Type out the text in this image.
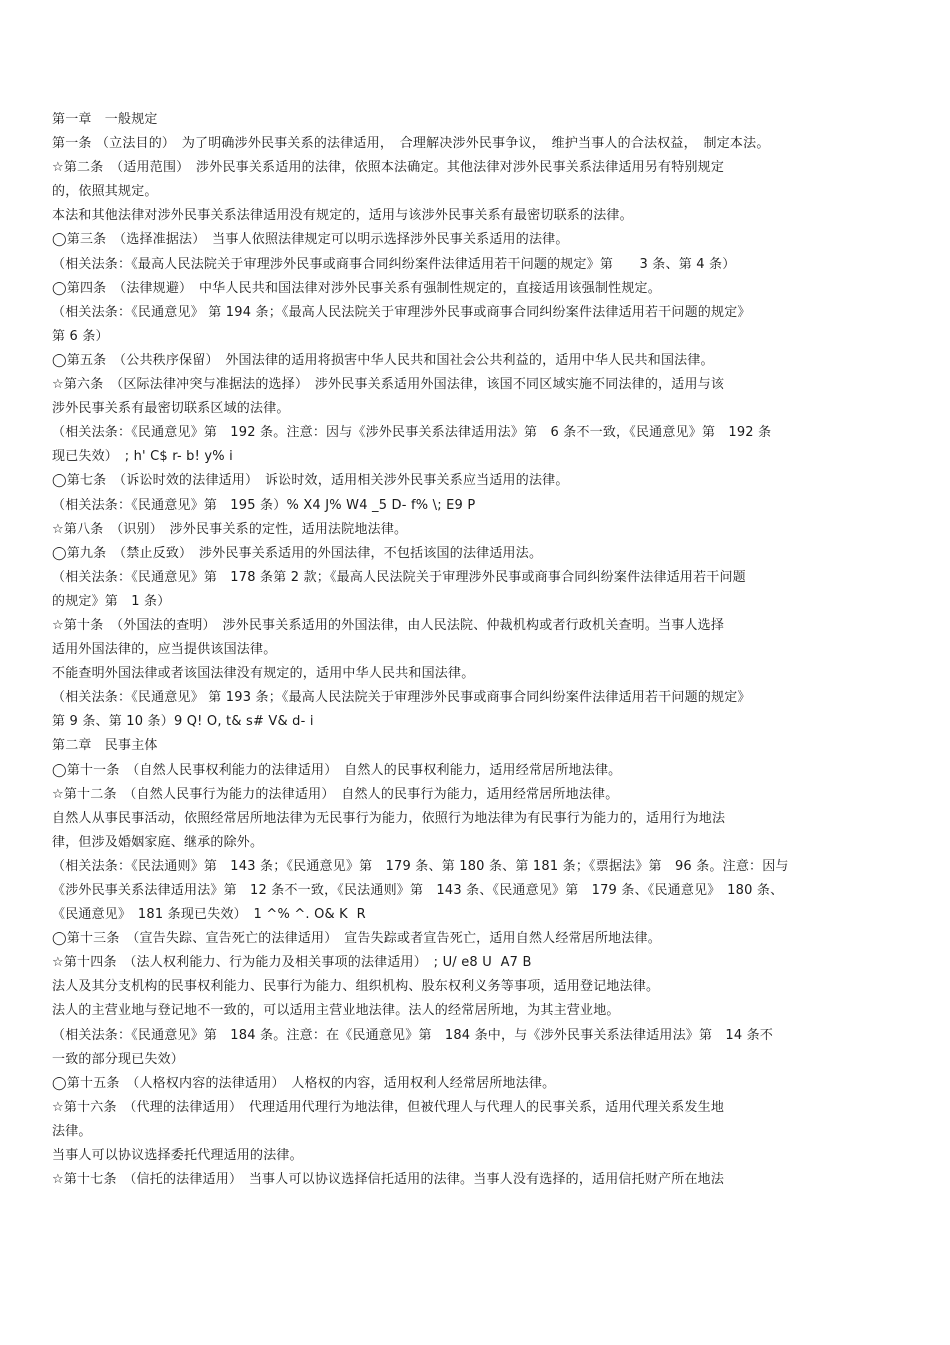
第一章　一般规定
第一条 （立法目的）　为了明确涉外民事关系的法律适用，　合理解决涉外民事争议，　维护当事人的合法权益，　制定本法。
☆第二条　（适用范围）　涉外民事关系适用的法律，依照本法确定。其他法律对涉外民事关系法律适用另有特别规定
的，依照其规定。
本法和其他法律对涉外民事关系法律适用没有规定的，适用与该涉外民事关系有最密切联系的法律。
◯第三条　（选择准据法）　当事人依照法律规定可以明示选择涉外民事关系适用的法律。
（相关法条：《最高人民法院关于审理涉外民事或商事合同纠纷案件法律适用若干问题的规定》第　　3 条、第 4 条）
◯第四条　（法律规避）　中华人民共和国法律对涉外民事关系有强制性规定的，直接适用该强制性规定。
（相关法条：《民通意见》 第 194 条；《最高人民法院关于审理涉外民事或商事合同纠纷案件法律适用若干问题的规定》
第 6 条）
◯第五条　（公共秩序保留）　外国法律的适用将损害中华人民共和国社会公共利益的，适用中华人民共和国法律。
☆第六条　（区际法律冲突与准据法的选择）　涉外民事关系适用外国法律，该国不同区域实施不同法律的，适用与该
涉外民事关系有最密切联系区域的法律。
（相关法条：《民通意见》第　192 条。注意：因与《涉外民事关系法律适用法》第　6 条不一致，《民通意见》第　192 条
现已失效）　; h' C$ r- b! y% i
◯第七条　（诉讼时效的法律适用）　诉讼时效，适用相关涉外民事关系应当适用的法律。
（相关法条：《民通意见》第　195 条）% X4 J% W4 _5 D- f% \; E9 P
☆第八条　（识别）　涉外民事关系的定性，适用法院地法律。
◯第九条　（禁止反致）　涉外民事关系适用的外国法律，不包括该国的法律适用法。
（相关法条：《民通意见》第　178 条第 2 款；《最高人民法院关于审理涉外民事或商事合同纠纷案件法律适用若干问题
的规定》第　1 条）
☆第十条　（外国法的查明）　涉外民事关系适用的外国法律，由人民法院、仲裁机构或者行政机关查明。当事人选择
适用外国法律的，应当提供该国法律。
不能查明外国法律或者该国法律没有规定的，适用中华人民共和国法律。
（相关法条：《民通意见》 第 193 条；《最高人民法院关于审理涉外民事或商事合同纠纷案件法律适用若干问题的规定》
第 9 条、第 10 条）9 Q! O, t& s# V& d- i
第二章　民事主体
◯第十一条　（自然人民事权利能力的法律适用）　自然人的民事权利能力，适用经常居所地法律。
☆第十二条　（自然人民事行为能力的法律适用）　自然人的民事行为能力，适用经常居所地法律。
自然人从事民事活动，依照经常居所地法律为无民事行为能力，依照行为地法律为有民事行为能力的，适用行为地法
律，但涉及婚姻家庭、继承的除外。
（相关法条：《民法通则》第　143 条；《民通意见》第　179 条、第 180 条、第 181 条；《票据法》第　96 条。注意：因与
《涉外民事关系法律适用法》第　12 条不一致，《民法通则》第　143 条、《民通意见》第　179 条、《民通意见》　180 条、
《民通意见》　181 条现已失效）　1 ^% ^. O& K  R
◯第十三条　（宣告失踪、宣告死亡的法律适用）　宣告失踪或者宣告死亡，适用自然人经常居所地法律。
☆第十四条　（法人权利能力、行为能力及相关事项的法律适用）　; U/ e8 U  A7 B
法人及其分支机构的民事权利能力、民事行为能力、组织机构、股东权利义务等事项，适用登记地法律。
法人的主营业地与登记地不一致的，可以适用主营业地法律。法人的经常居所地，为其主营业地。
（相关法条：《民通意见》第　184 条。注意：在《民通意见》第　184 条中，与《涉外民事关系法律适用法》第　14 条不
一致的部分现已失效）
◯第十五条　（人格权内容的法律适用）　人格权的内容，适用权利人经常居所地法律。
☆第十六条　（代理的法律适用）　代理适用代理行为地法律，但被代理人与代理人的民事关系，适用代理关系发生地
法律。
当事人可以协议选择委托代理适用的法律。
☆第十七条　（信托的法律适用）　当事人可以协议选择信托适用的法律。当事人没有选择的，适用信托财产所在地法
